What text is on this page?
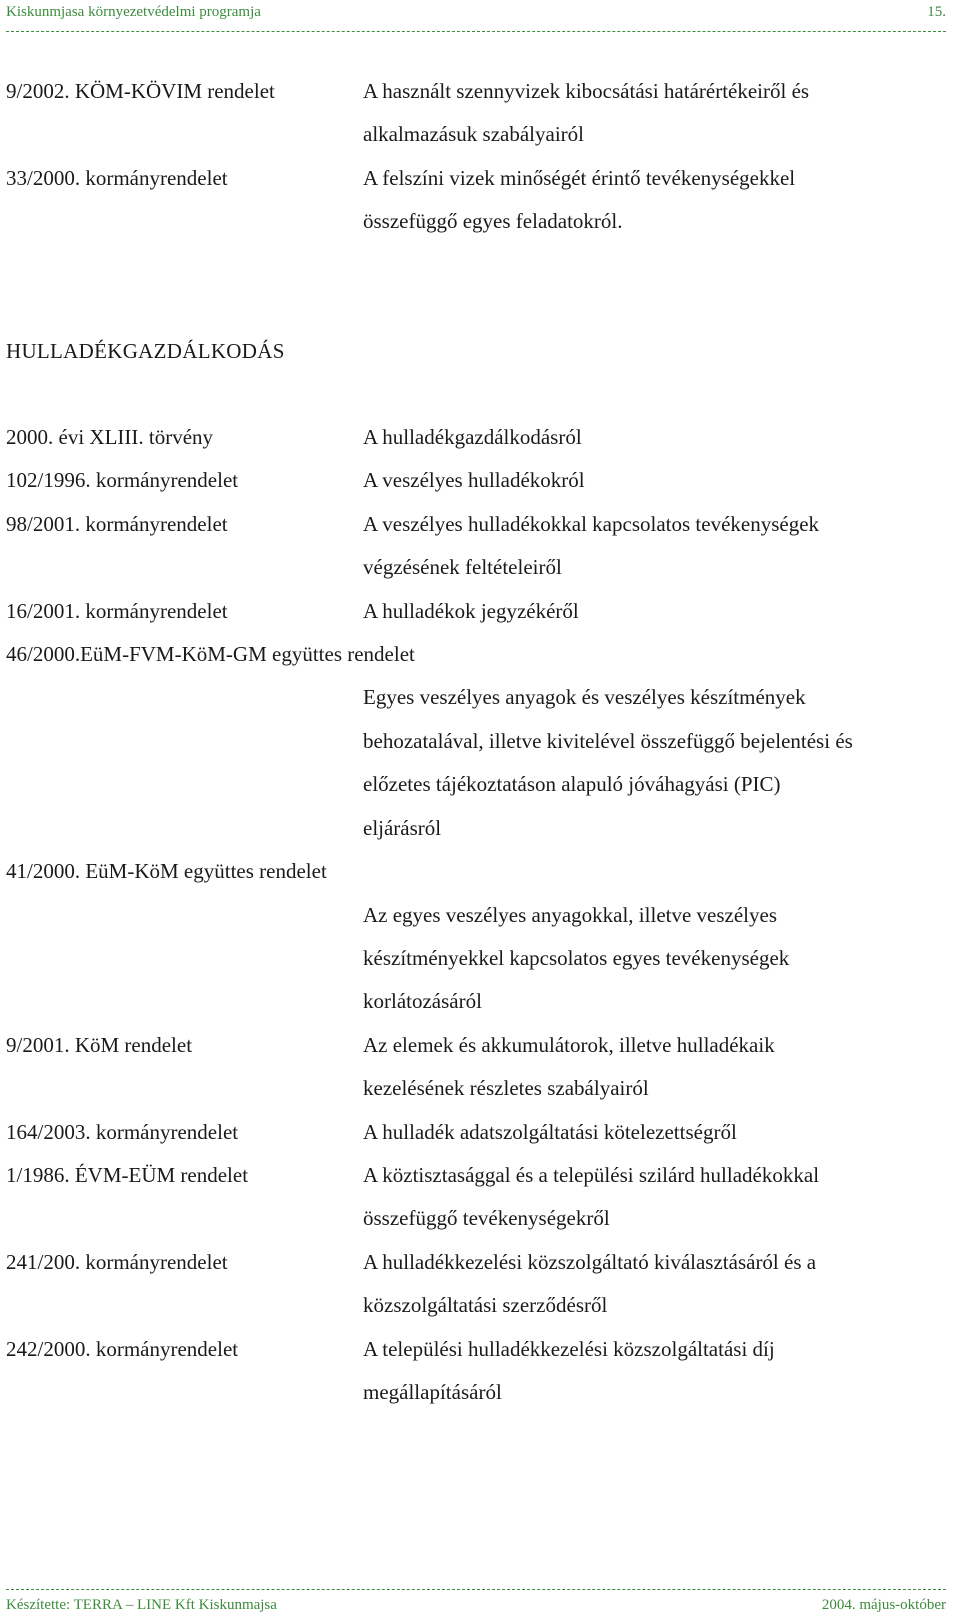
Kiskunmjasa környezetvédelmi programja	15.
9/2002. KÖM-KÖVIM rendelet	A használt szennyvizek kibocsátási határértékeiről és
alkalmazásuk szabályairól
33/2000. kormányrendelet	A felszíni vizek minőségét érintő tevékenységekkel
összefüggő egyes feladatokról.
HULLADÉKGAZDÁLKODÁS
2000. évi XLIII. törvény	A hulladékgazdálkodásról
102/1996. kormányrendelet	A veszélyes hulladékokról
98/2001. kormányrendelet	A veszélyes hulladékokkal kapcsolatos tevékenységek
végzésének feltételeiről
16/2001. kormányrendelet	A hulladékok jegyzékéről
46/2000.EüM-FVM-KöM-GM együttes rendelet
Egyes veszélyes anyagok és veszélyes készítmények
behozatalával, illetve kivitelével összefüggő bejelentési és
előzetes tájékoztatáson alapuló jóváhagyási (PIC)
eljárásról
41/2000. EüM-KöM együttes rendelet
Az egyes veszélyes anyagokkal, illetve veszélyes
készítményekkel kapcsolatos egyes tevékenységek
korlátozásáról
9/2001. KöM rendelet	Az elemek és akkumulátorok, illetve hulladékaik
kezelésének részletes szabályairól
164/2003. kormányrendelet	A hulladék adatszolgáltatási kötelezettségről
1/1986. ÉVM-EÜM rendelet	A köztisztasággal és a települési szilárd hulladékokkal
összefüggő tevékenységekről
241/200. kormányrendelet	A hulladékkezelési közszolgáltató kiválasztásáról és a
közszolgáltatási szerződésről
242/2000. kormányrendelet	A települési hulladékkezelési közszolgáltatási díj
megállapításáról
Készítette: TERRA – LINE Kft Kiskunmajsa	2004. május-október
